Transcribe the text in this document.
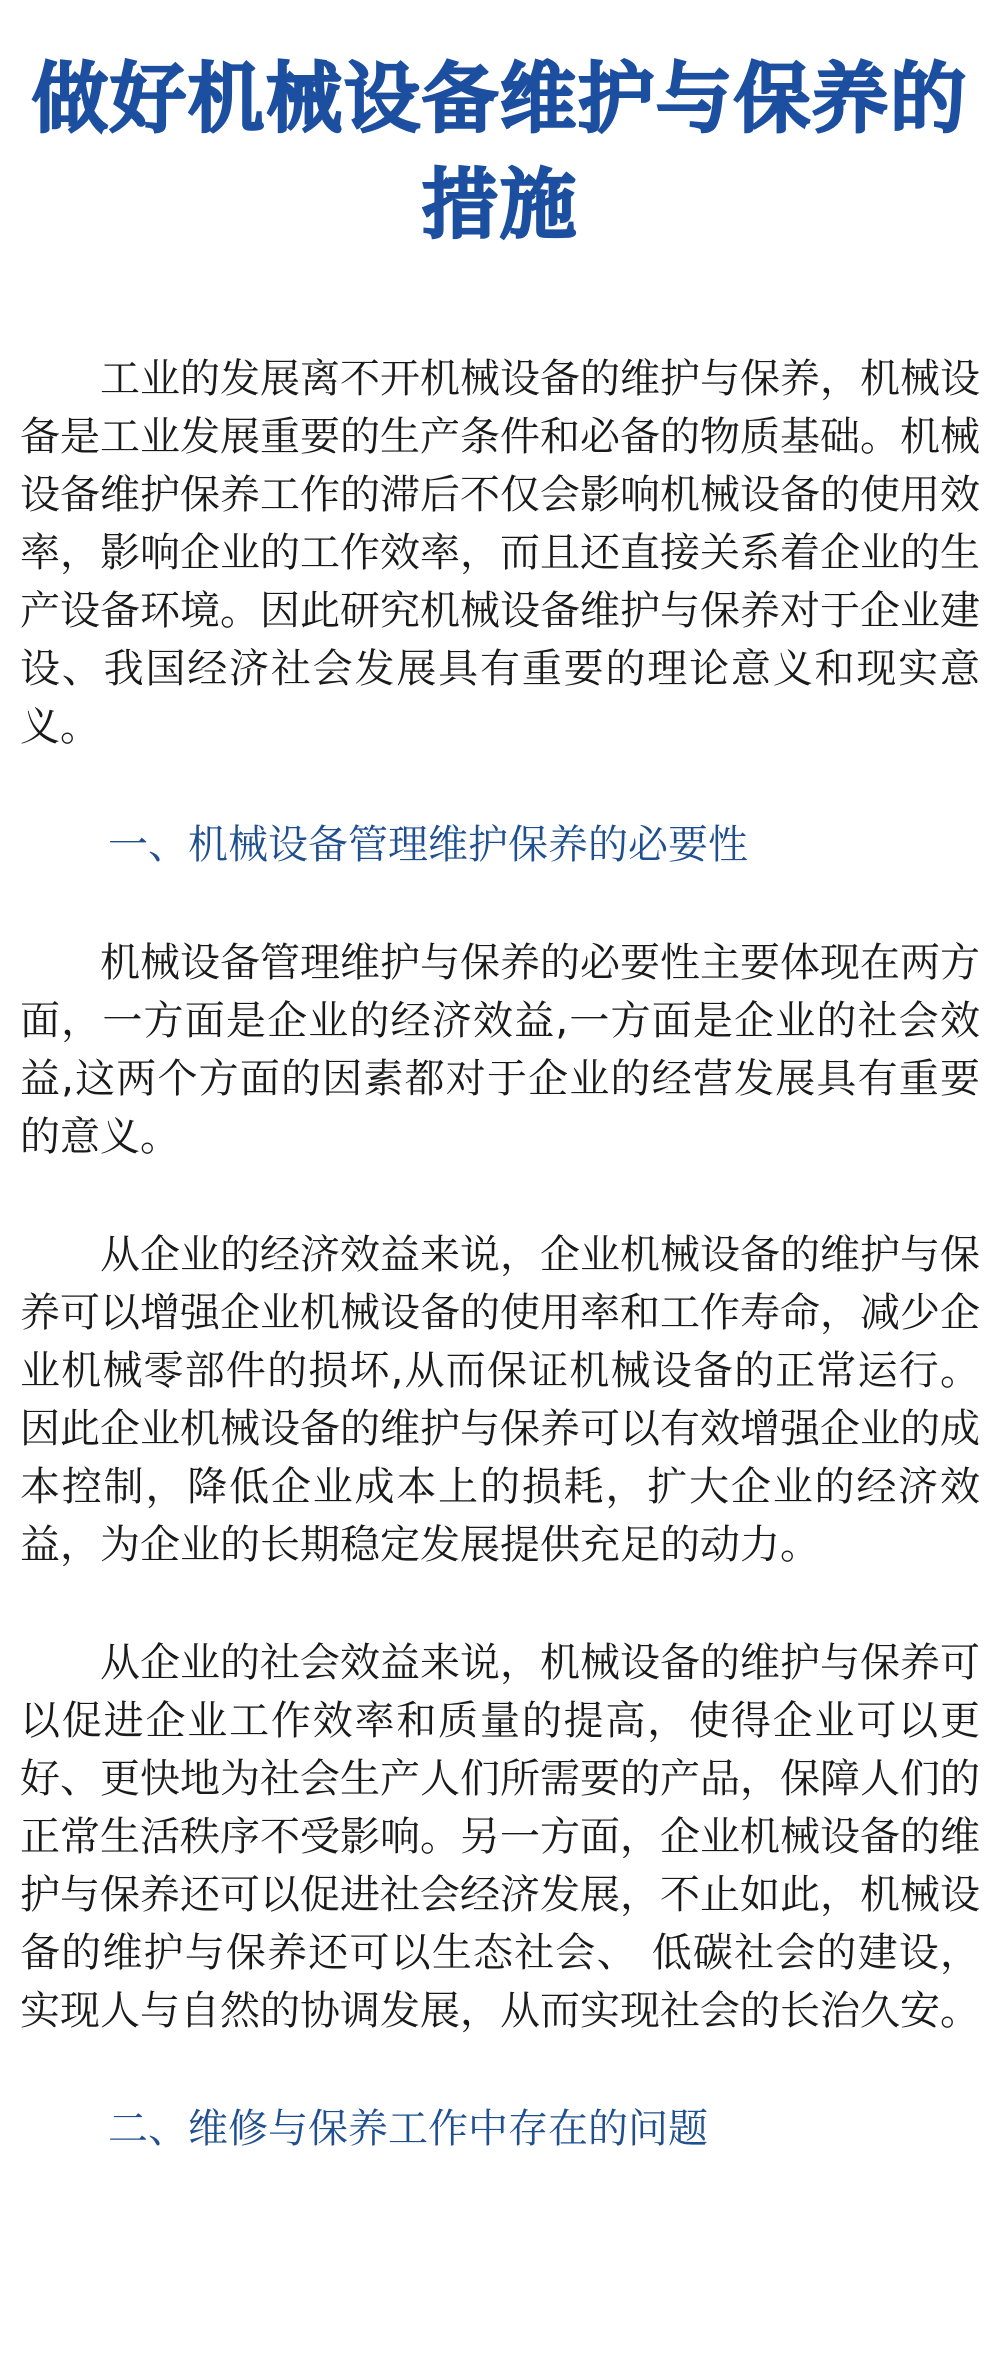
做好机械设备维护与保养的措施

工业的发展离不开机械设备的维护与保养，机械设备是工业发展重要的生产条件和必备的物质基础。机械设备维护保养工作的滞后不仅会影响机械设备的使用效率，影响企业的工作效率，而且还直接关系着企业的生产设备环境。因此研究机械设备维护与保养对于企业建设、我国经济社会发展具有重要的理论意义和现实意义。

一、机械设备管理维护保养的必要性

机械设备管理维护与保养的必要性主要体现在两方面，一方面是企业的经济效益,一方面是企业的社会效益,这两个方面的因素都对于企业的经营发展具有重要的意义。

从企业的经济效益来说，企业机械设备的维护与保养可以增强企业机械设备的使用率和工作寿命，减少企业机械零部件的损坏,从而保证机械设备的正常运行。因此企业机械设备的维护与保养可以有效增强企业的成本控制，降低企业成本上的损耗，扩大企业的经济效益，为企业的长期稳定发展提供充足的动力。

从企业的社会效益来说，机械设备的维护与保养可以促进企业工作效率和质量的提高，使得企业可以更好、更快地为社会生产人们所需要的产品，保障人们的正常生活秩序不受影响。另一方面，企业机械设备的维护与保养还可以促进社会经济发展，不止如此，机械设备的维护与保养还可以生态社会、 低碳社会的建设，实现人与自然的协调发展，从而实现社会的长治久安。

二、维修与保养工作中存在的问题
